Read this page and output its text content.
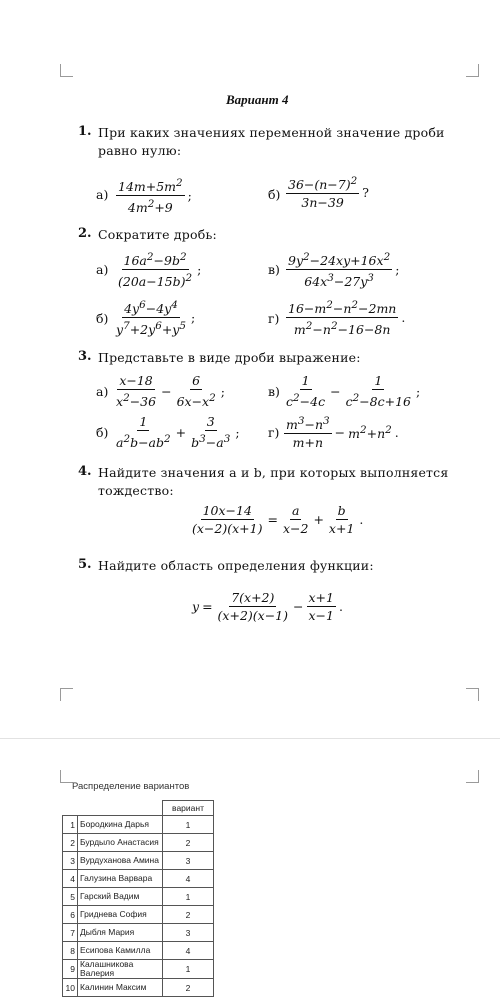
Вариант 4
1. При каких значениях переменной значение дроби равно нулю:
$а) \frac{14m+5m^2}{4m^2+9}$ ;	$б) \frac{36-(n-7)^2}{3n-39}$ ?
2. Сократите дробь:
$а) \frac{16a^2-9b^2}{(20a-15b)^2}$ ;	$в) \frac{9y^2-24xy+16x^2}{64x^3-27y^3}$ ;
$б) \frac{4y^6-4y^4}{y^7+2y^6+y^5}$ ;	$г) \frac{16-m^2-n^2-2mn}{m^2-n^2-16-8n}$ .
3. Представьте в виде дроби выражение:
$а) \frac{x-18}{x^2-36} - \frac{6}{6x-x^2}$ ;	$в) \frac{1}{c^2-4c} - \frac{1}{c^2-8c+16}$ ;
$б) \frac{1}{a^2b-ab^2} + \frac{3}{b^3-a^3}$ ; $г) \frac{m^3-n^3}{m+n} - m^2+n^2$ .
4. Найдите значения a и b, при которых выполняется тождество:
$\frac{10x-14}{(x-2)(x+1)} = \frac{a}{x-2} + \frac{b}{x+1}$ .
5. Найдите область определения функции:
$y = \frac{7(x+2)}{(x+2)(x-1)} - \frac{x+1}{x-1}$ .
Распределение вариантов
		вариант
1	Бородкина Дарья	1
2	Бурдыло Анастасия	2
3	Вурдуханова Амина	3
4	Галузина Варвара	4
5	Гарский Вадим	1
6	Гриднева София	2
7	Дыбля Мария	3
8	Есипова Камилла	4
9	Калашникова Валерия	1
10	Калинин Максим	2
